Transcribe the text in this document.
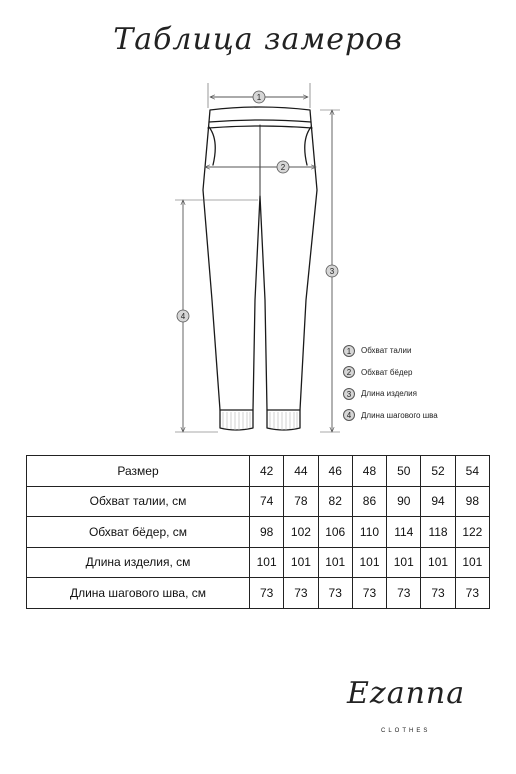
Таблица замеров
1
2
3
4
1	Обхват талии
2	Обхват бёдер
3	Длина изделия
4	Длина шагового шва
Размер	42	44	46	48	50	52	54
Обхват талии, см	74	78	82	86	90	94	98
Обхват бёдер, см	98	102	106	110	114	118	122
Длина изделия, см	101	101	101	101	101	101	101
Длина шагового шва, см	73	73	73	73	73	73	73
Ezanna
CLOTHES
